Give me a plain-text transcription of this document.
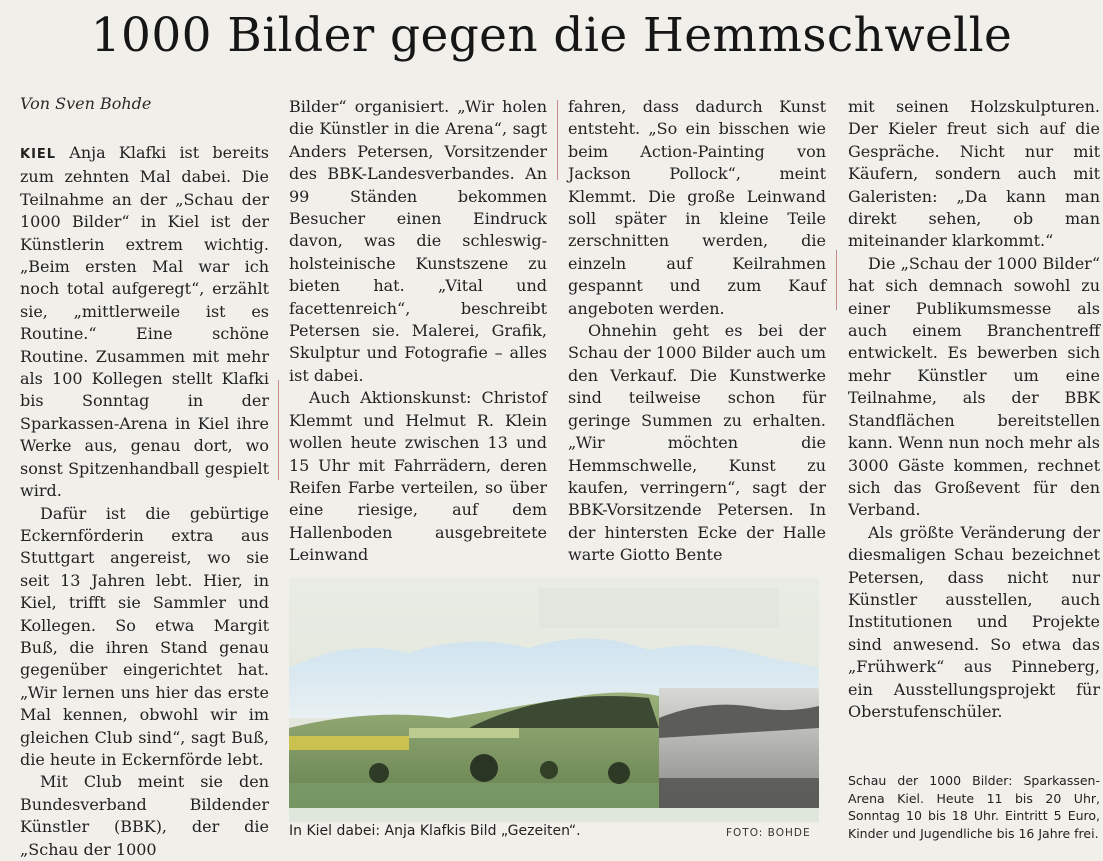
1000 Bilder gegen die Hemmschwelle
Von Sven Bohde

KIEL Anja Klafki ist bereits zum zehnten Mal dabei. Die Teilnahme an der „Schau der 1000 Bilder“ in Kiel ist der Künstlerin extrem wichtig. „Beim ersten Mal war ich noch total aufgeregt“, erzählt sie, „mittlerweile ist es Routine.“ Eine schöne Routine. Zusammen mit mehr als 100 Kollegen stellt Klafki bis Sonntag in der Sparkassen-Arena in Kiel ihre Werke aus, genau dort, wo sonst Spitzenhandball gespielt wird.

Dafür ist die gebürtige Eckernförderin extra aus Stuttgart angereist, wo sie seit 13 Jahren lebt. Hier, in Kiel, trifft sie Sammler und Kollegen. So etwa Margit Buß, die ihren Stand genau gegenüber eingerichtet hat. „Wir lernen uns hier das erste Mal kennen, obwohl wir im gleichen Club sind“, sagt Buß, die heute in Eckernförde lebt.

Mit Club meint sie den Bundesverband Bildender Künstler (BBK), der die „Schau der 1000

Bilder“ organisiert. „Wir holen die Künstler in die Arena“, sagt Anders Petersen, Vorsitzender des BBK-Landesverbandes. An 99 Ständen bekommen Besucher einen Eindruck davon, was die schleswig-holsteinische Kunstszene zu bieten hat. „Vital und facettenreich“, beschreibt Petersen sie. Malerei, Grafik, Skulptur und Fotografie – alles ist dabei.

Auch Aktionskunst: Christof Klemmt und Helmut R. Klein wollen heute zwischen 13 und 15 Uhr mit Fahrrädern, deren Reifen Farbe verteilen, so über eine riesige, auf dem Hallenboden ausgebreitete Leinwand

fahren, dass dadurch Kunst entsteht. „So ein bisschen wie beim Action-Painting von Jackson Pollock“, meint Klemmt. Die große Leinwand soll später in kleine Teile zerschnitten werden, die einzeln auf Keilrahmen gespannt und zum Kauf angeboten werden.

Ohnehin geht es bei der Schau der 1000 Bilder auch um den Verkauf. Die Kunstwerke sind teilweise schon für geringe Summen zu erhalten. „Wir möchten die Hemmschwelle, Kunst zu kaufen, verringern“, sagt der BBK-Vorsitzende Petersen. In der hintersten Ecke der Halle warte Giotto Bente

mit seinen Holzskulpturen. Der Kieler freut sich auf die Gespräche. Nicht nur mit Käufern, sondern auch mit Galeristen: „Da kann man direkt sehen, ob man miteinander klarkommt.“

Die „Schau der 1000 Bilder“ hat sich demnach sowohl zu einer Publikumsmesse als auch einem Branchentreff entwickelt. Es bewerben sich mehr Künstler um eine Teilnahme, als der BBK Standflächen bereitstellen kann. Wenn nun noch mehr als 3000 Gäste kommen, rechnet sich das Großevent für den Verband.

Als größte Veränderung der diesmaligen Schau bezeichnet Petersen, dass nicht nur Künstler ausstellen, auch Institutionen und Projekte sind anwesend. So etwa das „Frühwerk“ aus Pinneberg, ein Ausstellungsprojekt für Oberstufenschüler.

In Kiel dabei: Anja Klafkis Bild „Gezeiten“.	FOTO: BOHDE
Schau der 1000 Bilder: Sparkassen-Arena Kiel. Heute 11 bis 20 Uhr, Sonntag 10 bis 18 Uhr. Eintritt 5 Euro, Kinder und Jugendliche bis 16 Jahre frei.
